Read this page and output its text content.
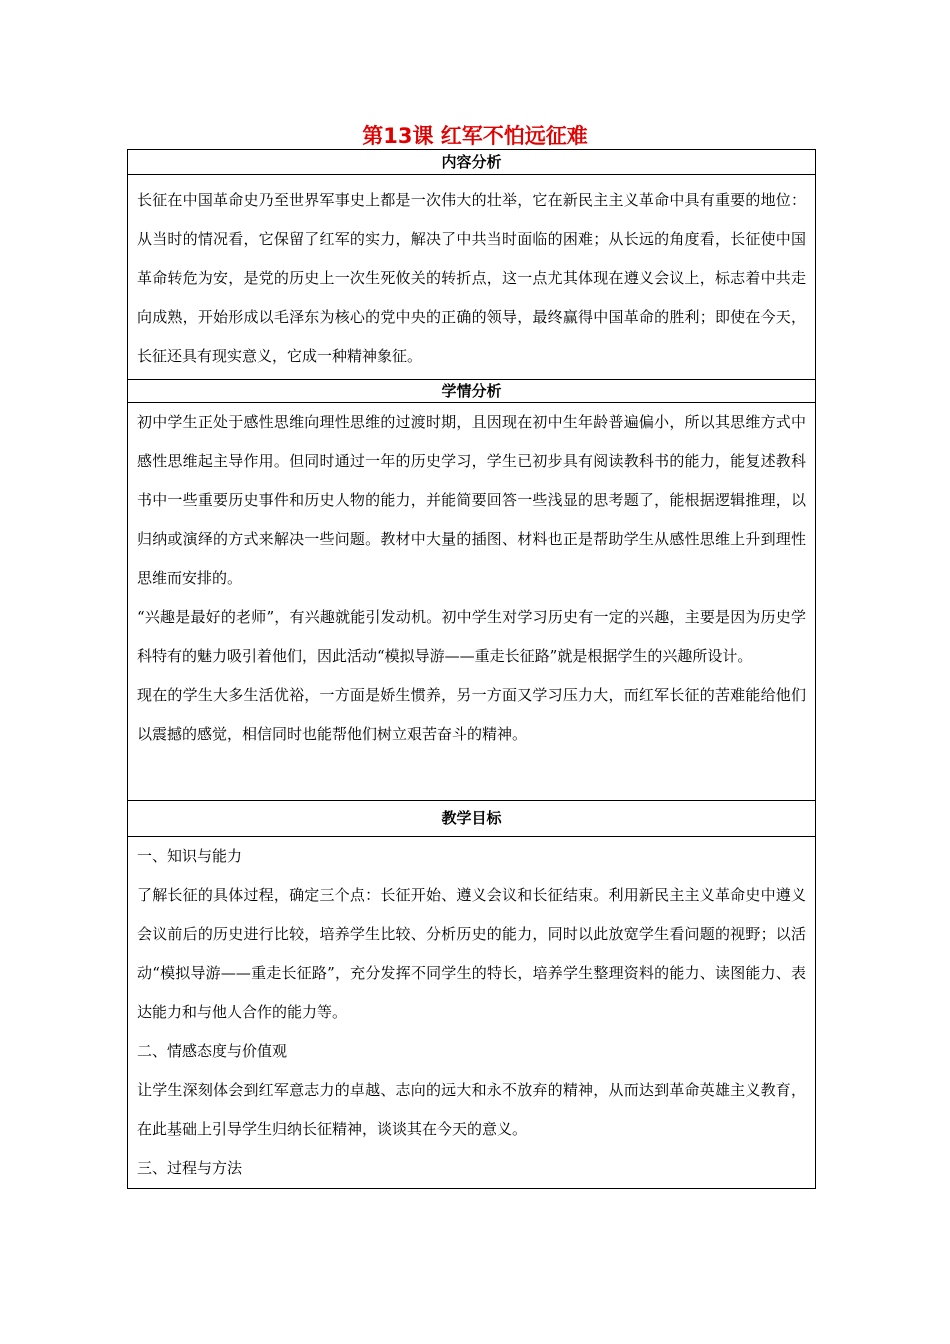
第13课 红军不怕远征难
内容分析

长征在中国革命史乃至世界军事史上都是一次伟大的壮举，它在新民主主义革命中具有重要的地位：从当时的情况看，它保留了红军的实力，解决了中共当时面临的困难；从长远的角度看，长征使中国革命转危为安，是党的历史上一次生死攸关的转折点，这一点尤其体现在遵义会议上，标志着中共走向成熟，开始形成以毛泽东为核心的党中央的正确的领导，最终赢得中国革命的胜利；即使在今天，长征还具有现实意义，它成一种精神象征。

学情分析

初中学生正处于感性思维向理性思维的过渡时期，且因现在初中生年龄普遍偏小，所以其思维方式中感性思维起主导作用。但同时通过一年的历史学习，学生已初步具有阅读教科书的能力，能复述教科书中一些重要历史事件和历史人物的能力，并能简要回答一些浅显的思考题了，能根据逻辑推理，以归纳或演绎的方式来解决一些问题。教材中大量的插图、材料也正是帮助学生从感性思维上升到理性思维而安排的。

“兴趣是最好的老师”，有兴趣就能引发动机。初中学生对学习历史有一定的兴趣，主要是因为历史学科特有的魅力吸引着他们，因此活动“模拟导游——重走长征路”就是根据学生的兴趣所设计。

现在的学生大多生活优裕，一方面是娇生惯养，另一方面又学习压力大，而红军长征的苦难能给他们以震撼的感觉，相信同时也能帮他们树立艰苦奋斗的精神。

教学目标

一、知识与能力

了解长征的具体过程，确定三个点：长征开始、遵义会议和长征结束。利用新民主主义革命史中遵义会议前后的历史进行比较，培养学生比较、分析历史的能力，同时以此放宽学生看问题的视野；以活动“模拟导游——重走长征路”，充分发挥不同学生的特长，培养学生整理资料的能力、读图能力、表达能力和与他人合作的能力等。

二、情感态度与价值观

让学生深刻体会到红军意志力的卓越、志向的远大和永不放弃的精神，从而达到革命英雄主义教育，在此基础上引导学生归纳长征精神，谈谈其在今天的意义。

三、过程与方法
